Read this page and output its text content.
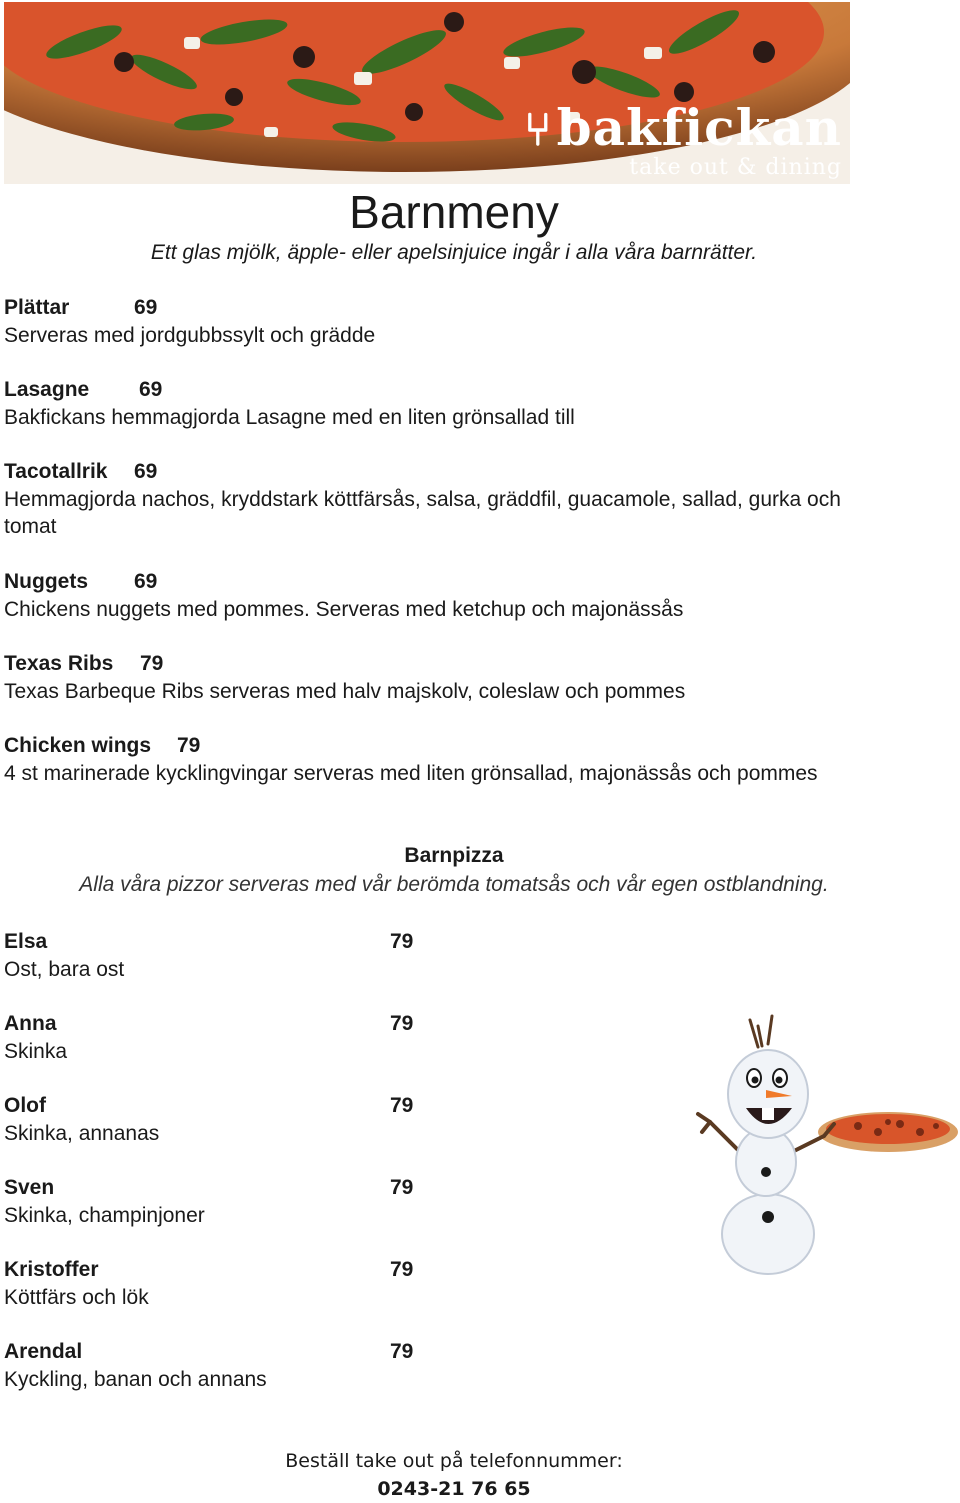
⑂bakfickan
take out & dining
Barnmeny
Ett glas mjölk, äpple- eller apelsinjuice ingår i alla våra barnrätter.
Plättar	69
Serveras med jordgubbssylt och grädde
Lasagne 69
Bakfickans hemmagjorda Lasagne med en liten grönsallad till
Tacotallrik 69
Hemmagjorda nachos, kryddstark köttfärsås, salsa, gräddfil, guacamole, sallad, gurka och tomat
Nuggets 69
Chickens nuggets med pommes. Serveras med ketchup och majonässås
Texas Ribs 79
Texas Barbeque Ribs serveras med halv majskolv, coleslaw och pommes
Chicken wings 79
4 st marinerade kycklingvingar serveras med liten grönsallad, majonässås och pommes
Barnpizza
Alla våra pizzor serveras med vår berömda tomatsås och vår egen ostblandning.
Elsa	79
Ost, bara ost
Anna	79
Skinka
Olof	79
Skinka, annanas
Sven	79
Skinka, champinjoner
Kristoffer	79
Köttfärs och lök
Arendal	79
Kyckling, banan och annans
Beställ take out på telefonnummer:
0243-21 76 65
